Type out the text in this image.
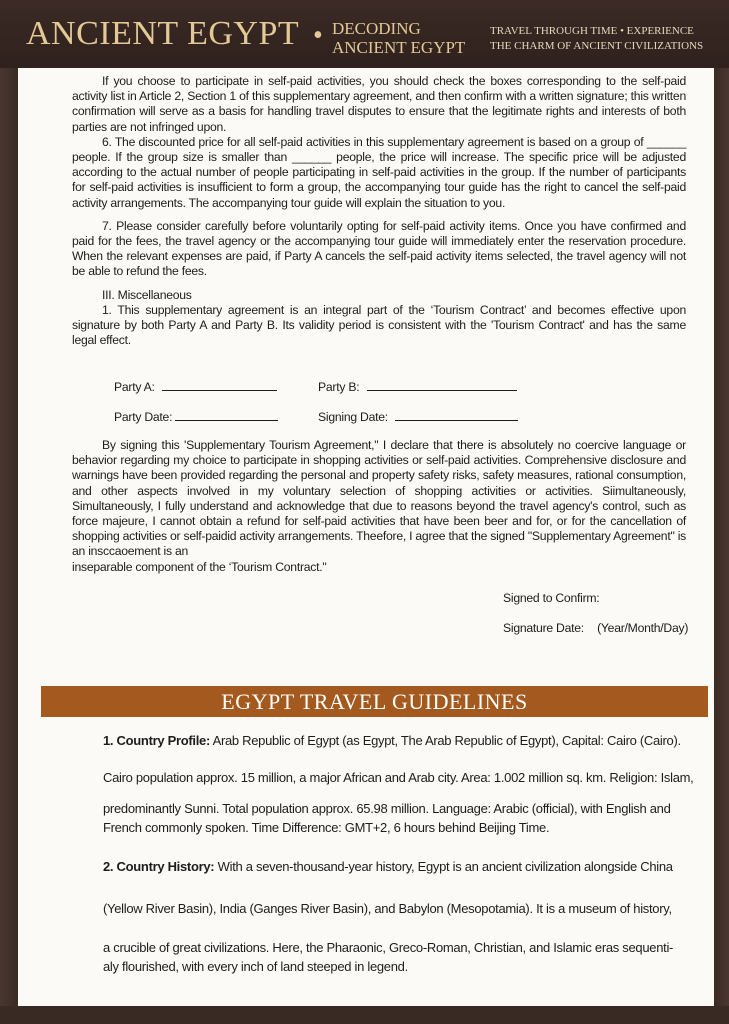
ANCIENT EGYPT • DECODING
ANCIENT EGYPT
TRAVEL THROUGH TIME • EXPERIENCE
THE CHARM OF ANCIENT CIVILIZATIONS

If you choose to participate in self-paid activities, you should check the boxes corresponding to the self-paid activity list in Article 2, Section 1 of this supplementary agreement, and then confirm with a written signature; this written confirmation will serve as a basis for handling travel disputes to ensure that the legitimate rights and interests of both parties are not infringed upon.

6. The discounted price for all self-paid activities in this supplementary agreement is based on a group of ______ people. If the group size is smaller than ______ people, the price will increase. The specific price will be adjusted according to the actual number of people participating in self-paid activities in the group. If the number of participants for self-paid activities is insufficient to form a group, the accompanying tour guide has the right to cancel the self-paid activity arrangements. The accompanying tour guide will explain the situation to you.

7. Please consider carefully before voluntarily opting for self-paid activity items. Once you have confirmed and paid for the fees, the travel agency or the accompanying tour guide will immediately enter the reservation procedure. When the relevant expenses are paid, if Party A cancels the self-paid activity items selected, the travel agency will not be able to refund the fees.

III. Miscellaneous

1. This supplementary agreement is an integral part of the ‘Tourism Contract’ and becomes effective upon signature by both Party A and Party B. Its validity period is consistent with the 'Tourism Contract' and has the same legal effect.

Party A:	Party B:
Party Date:	Signing Date:

By signing this 'Supplementary Tourism Agreement," I declare that there is absolutely no coercive language or behavior regarding my choice to participate in shopping activities or self-paid activities. Comprehensive disclosure and warnings have been provided regarding the personal and property safety risks, safety measures, rational consumption, and other aspects involved in my voluntary selection of shopping activities or activities. Siimultaneously, Simultaneously, I fully understand and acknowledge that due to reasons beyond the travel agency's control, such as force majeure, I cannot obtain a refund for self-paid activities that have been beer and for, or for the cancellation of shopping activities or self-paidid activity arrangements. Theefore, I agree that the signed "Supplementary Agreement" is an insccaoement is an

inseparable component of the ‘Tourism Contract."

Signed to Confirm:
Signature Date: (Year/Month/Day)
EGYPT TRAVEL GUIDELINES
1. Country Profile: Arab Republic of Egypt (as Egypt, The Arab Republic of Egypt), Capital: Cairo (Cairo).
Cairo population approx. 15 million, a major African and Arab city. Area: 1.002 million sq. km. Religion: Islam,
predominantly Sunni. Total population approx. 65.98 million. Language: Arabic (official), with English and
French commonly spoken. Time Difference: GMT+2, 6 hours behind Beijing Time.
2. Country History: With a seven-thousand-year history, Egypt is an ancient civilization alongside China
(Yellow River Basin), India (Ganges River Basin), and Babylon (Mesopotamia). It is a museum of history,
a crucible of great civilizations. Here, the Pharaonic, Greco-Roman, Christian, and Islamic eras sequenti-
aly flourished, with every inch of land steeped in legend.
